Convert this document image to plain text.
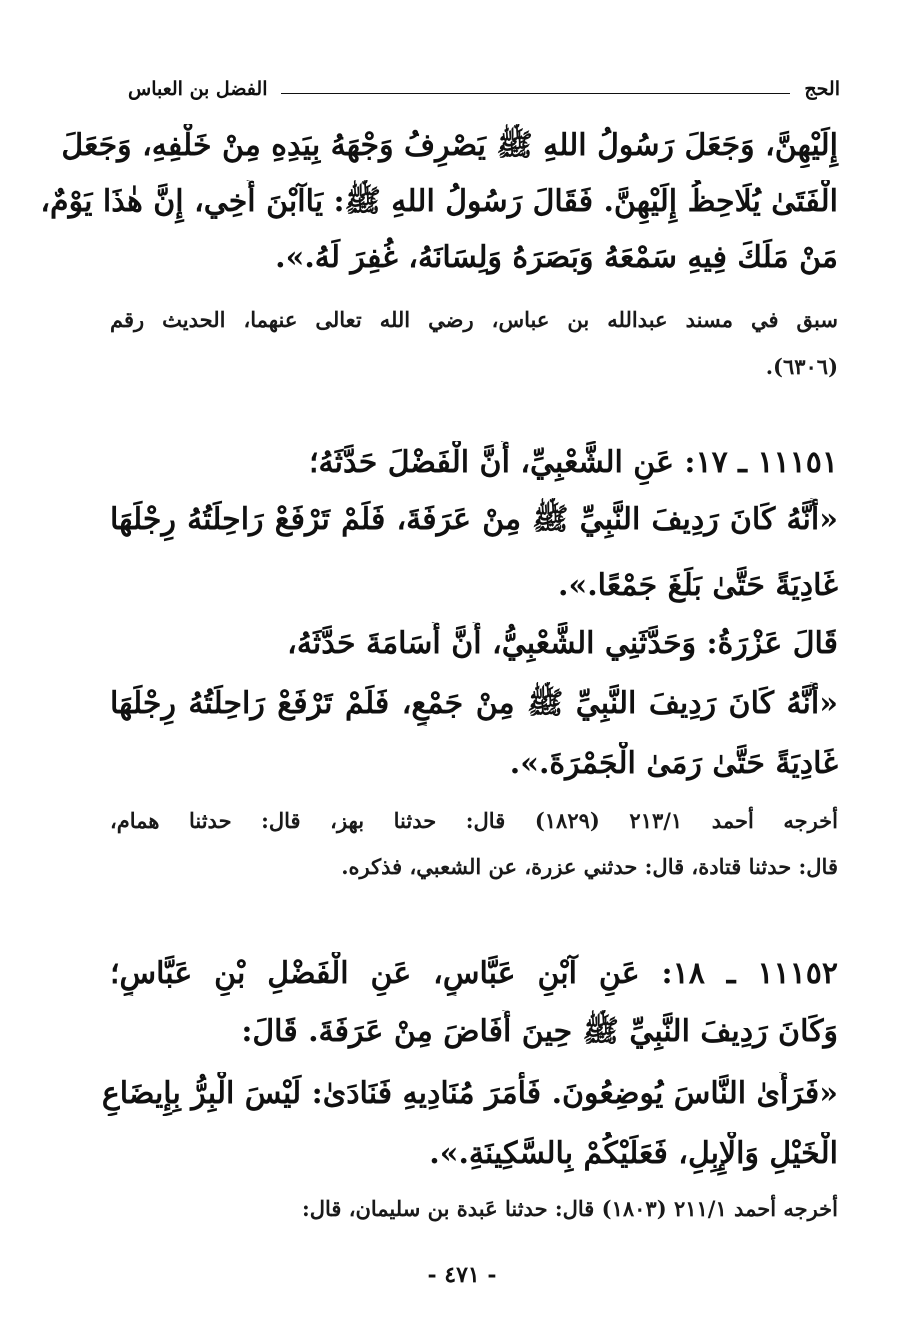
الحج
الفضل بن العباس
إِلَيْهِنَّ، وَجَعَلَ رَسُولُ اللهِ ﷺ يَصْرِفُ وَجْهَهُ بِيَدِهِ مِنْ خَلْفِهِ، وَجَعَلَ
الْفَتَىٰ يُلَاحِظُ إِلَيْهِنَّ. فَقَالَ رَسُولُ اللهِ ﷺ: يَاآبْنَ أَخِي، إِنَّ هٰذَا يَوْمٌ،
مَنْ مَلَكَ فِيهِ سَمْعَهُ وَبَصَرَهُ وَلِسَانَهُ، غُفِرَ لَهُ.».
سبق في مسند عبدالله بن عباس، رضي الله تعالى عنهما، الحديث رقم
(٦٣٠٦).
١١١٥١ ـ ١٧: عَنِ الشَّعْبِيِّ، أَنَّ الْفَضْلَ حَدَّثَهُ؛
«أَنَّهُ كَانَ رَدِيفَ النَّبِيِّ ﷺ مِنْ عَرَفَةَ، فَلَمْ تَرْفَعْ رَاحِلَتُهُ رِجْلَهَا
غَادِيَةً حَتَّىٰ بَلَغَ جَمْعًا.».
قَالَ عَزْرَةُ: وَحَدَّثَنِي الشَّعْبِيُّ، أَنَّ أُسَامَةَ حَدَّثَهُ،
«أَنَّهُ كَانَ رَدِيفَ النَّبِيِّ ﷺ مِنْ جَمْعٍ، فَلَمْ تَرْفَعْ رَاحِلَتُهُ رِجْلَهَا
غَادِيَةً حَتَّىٰ رَمَىٰ الْجَمْرَةَ.».
أخرجه أحمد ٢١٣/١ (١٨٢٩) قال: حدثنا بهز، قال: حدثنا همام،
قال: حدثنا قتادة، قال: حدثني عزرة، عن الشعبي، فذكره.
١١١٥٢ ـ ١٨: عَنِ آبْنِ عَبَّاسٍ، عَنِ الْفَضْلِ بْنِ عَبَّاسٍ؛
وَكَانَ رَدِيفَ النَّبِيِّ ﷺ حِينَ أَفَاضَ مِنْ عَرَفَةَ. قَالَ:
«فَرَأَىٰ النَّاسَ يُوضِعُونَ. فَأَمَرَ مُنَادِيهِ فَنَادَىٰ: لَيْسَ الْبِرُّ بِإِيضَاعِ
الْخَيْلِ وَالْإِبِلِ، فَعَلَيْكُمْ بِالسَّكِينَةِ.».
أخرجه أحمد ٢١١/١ (١٨٠٣) قال: حدثنا عَبدة بن سليمان، قال:
- ٤٧١ -
